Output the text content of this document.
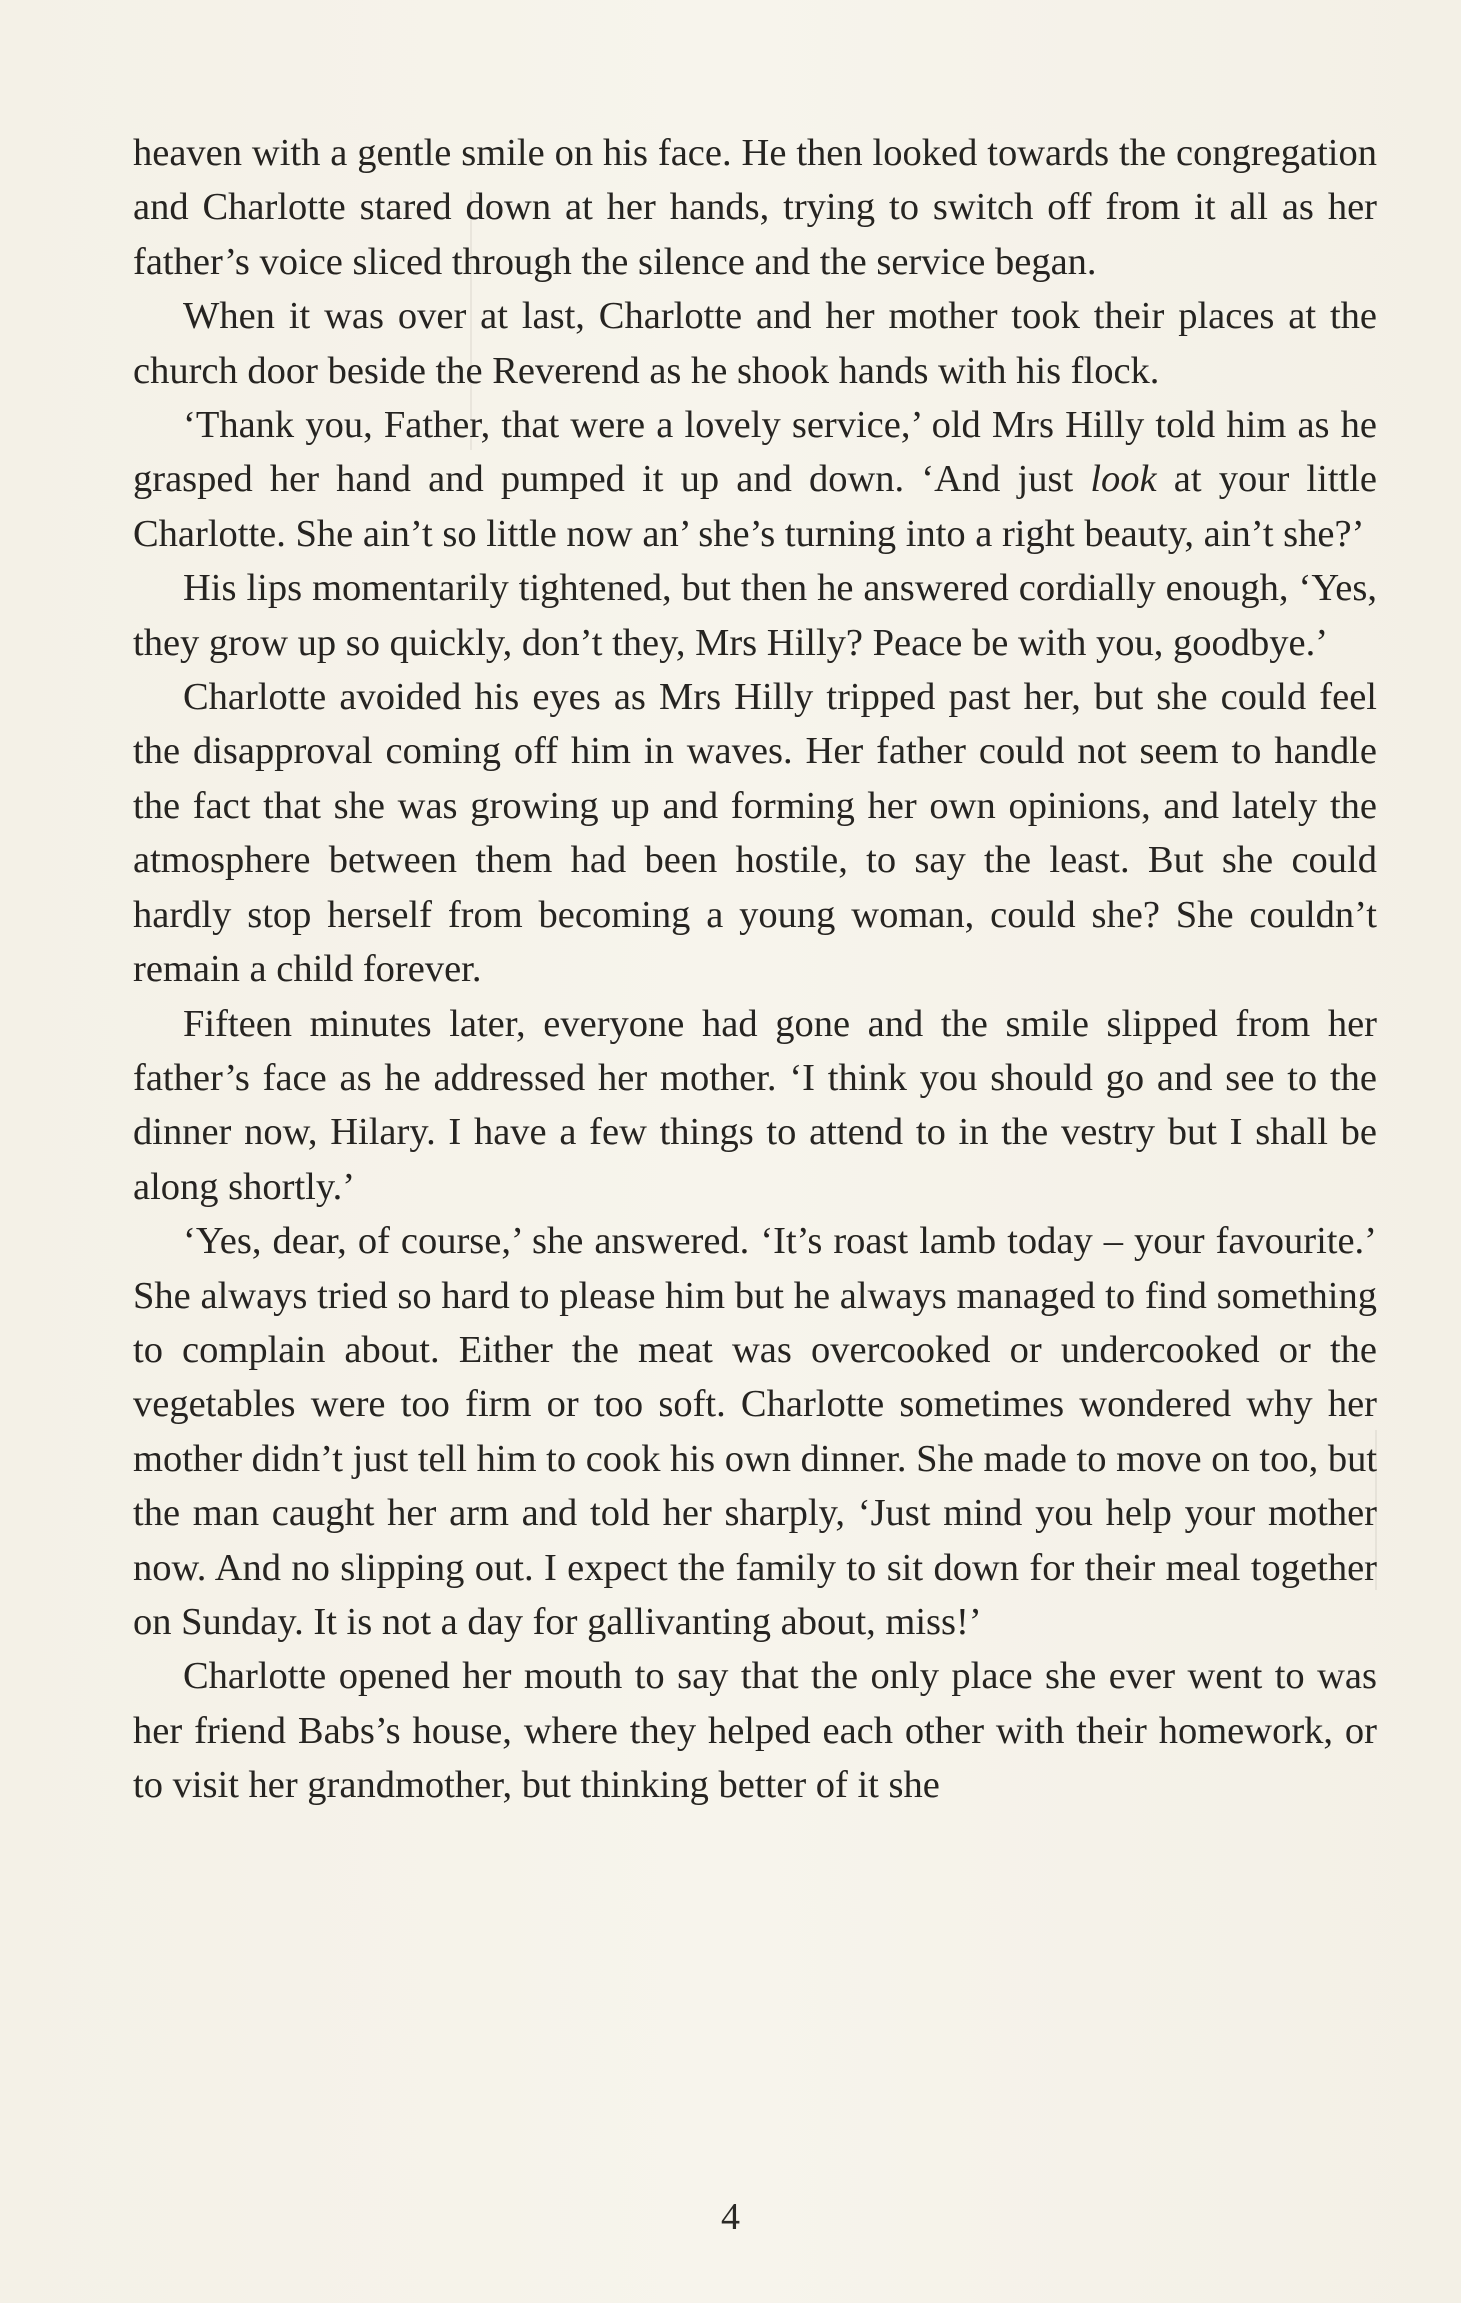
heaven with a gentle smile on his face. He then looked towards the congregation and Charlotte stared down at her hands, trying to switch off from it all as her father’s voice sliced through the silence and the service began.

When it was over at last, Charlotte and her mother took their places at the church door beside the Reverend as he shook hands with his flock.

‘Thank you, Father, that were a lovely service,’ old Mrs Hilly told him as he grasped her hand and pumped it up and down. ‘And just look at your little Charlotte. She ain’t so little now an’ she’s turning into a right beauty, ain’t she?’

His lips momentarily tightened, but then he answered cordially enough, ‘Yes, they grow up so quickly, don’t they, Mrs Hilly? Peace be with you, goodbye.’

Charlotte avoided his eyes as Mrs Hilly tripped past her, but she could feel the disapproval coming off him in waves. Her father could not seem to handle the fact that she was growing up and forming her own opinions, and lately the atmosphere between them had been hostile, to say the least. But she could hardly stop herself from becoming a young woman, could she? She couldn’t remain a child forever.

Fifteen minutes later, everyone had gone and the smile slipped from her father’s face as he addressed her mother. ‘I think you should go and see to the dinner now, Hilary. I have a few things to attend to in the vestry but I shall be along shortly.’

‘Yes, dear, of course,’ she answered. ‘It’s roast lamb today – your favourite.’ She always tried so hard to please him but he always managed to find something to complain about. Either the meat was overcooked or undercooked or the vegetables were too firm or too soft. Charlotte sometimes wondered why her mother didn’t just tell him to cook his own dinner. She made to move on too, but the man caught her arm and told her sharply, ‘Just mind you help your mother now. And no slipping out. I expect the family to sit down for their meal together on Sunday. It is not a day for gallivanting about, miss!’

Charlotte opened her mouth to say that the only place she ever went to was her friend Babs’s house, where they helped each other with their homework, or to visit her grandmother, but thinking better of it she

4
